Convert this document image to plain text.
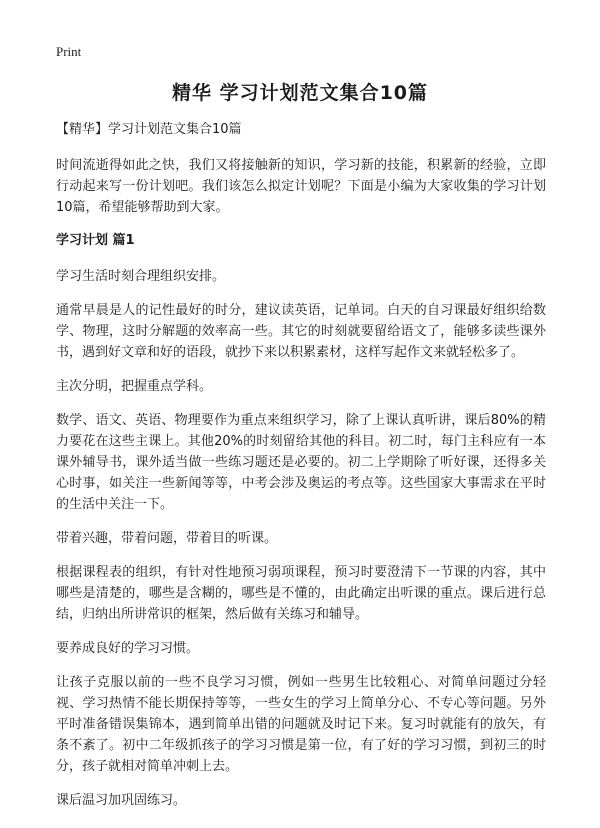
Print
精华 学习计划范文集合10篇

【精华】学习计划范文集合10篇

时间流逝得如此之快，我们又将接触新的知识，学习新的技能，积累新的经验，立即行动起来写一份计划吧。我们该怎么拟定计划呢？下面是小编为大家收集的学习计划10篇，希望能够帮助到大家。

学习计划 篇1

学习生活时刻合理组织安排。

通常早晨是人的记性最好的时分，建议读英语，记单词。白天的自习课最好组织给数学、物理，这时分解题的效率高一些。其它的时刻就要留给语文了，能够多读些课外书，遇到好文章和好的语段，就抄下来以积累素材，这样写起作文来就轻松多了。

主次分明，把握重点学科。

数学、语文、英语、物理要作为重点来组织学习，除了上课认真听讲，课后80%的精力要花在这些主课上。其他20%的时刻留给其他的科目。初二时，每门主科应有一本课外辅导书，课外适当做一些练习题还是必要的。初二上学期除了听好课，还得多关心时事，如关注一些新闻等等，中考会涉及奥运的考点等。这些国家大事需求在平时的生活中关注一下。

带着兴趣，带着问题，带着目的听课。

根据课程表的组织，有针对性地预习弱项课程，预习时要澄清下一节课的内容，其中哪些是清楚的，哪些是含糊的，哪些是不懂的，由此确定出听课的重点。课后进行总结，归纳出所讲常识的框架，然后做有关练习和辅导。

要养成良好的学习习惯。

让孩子克服以前的一些不良学习习惯，例如一些男生比较粗心、对简单问题过分轻视、学习热情不能长期保持等等，一些女生的学习上简单分心、不专心等问题。另外平时准备错误集锦本，遇到简单出错的问题就及时记下来。复习时就能有的放矢，有条不紊了。初中二年级抓孩子的学习习惯是第一位，有了好的学习习惯，到初三的时分，孩子就相对简单冲刺上去。

课后温习加巩固练习。
